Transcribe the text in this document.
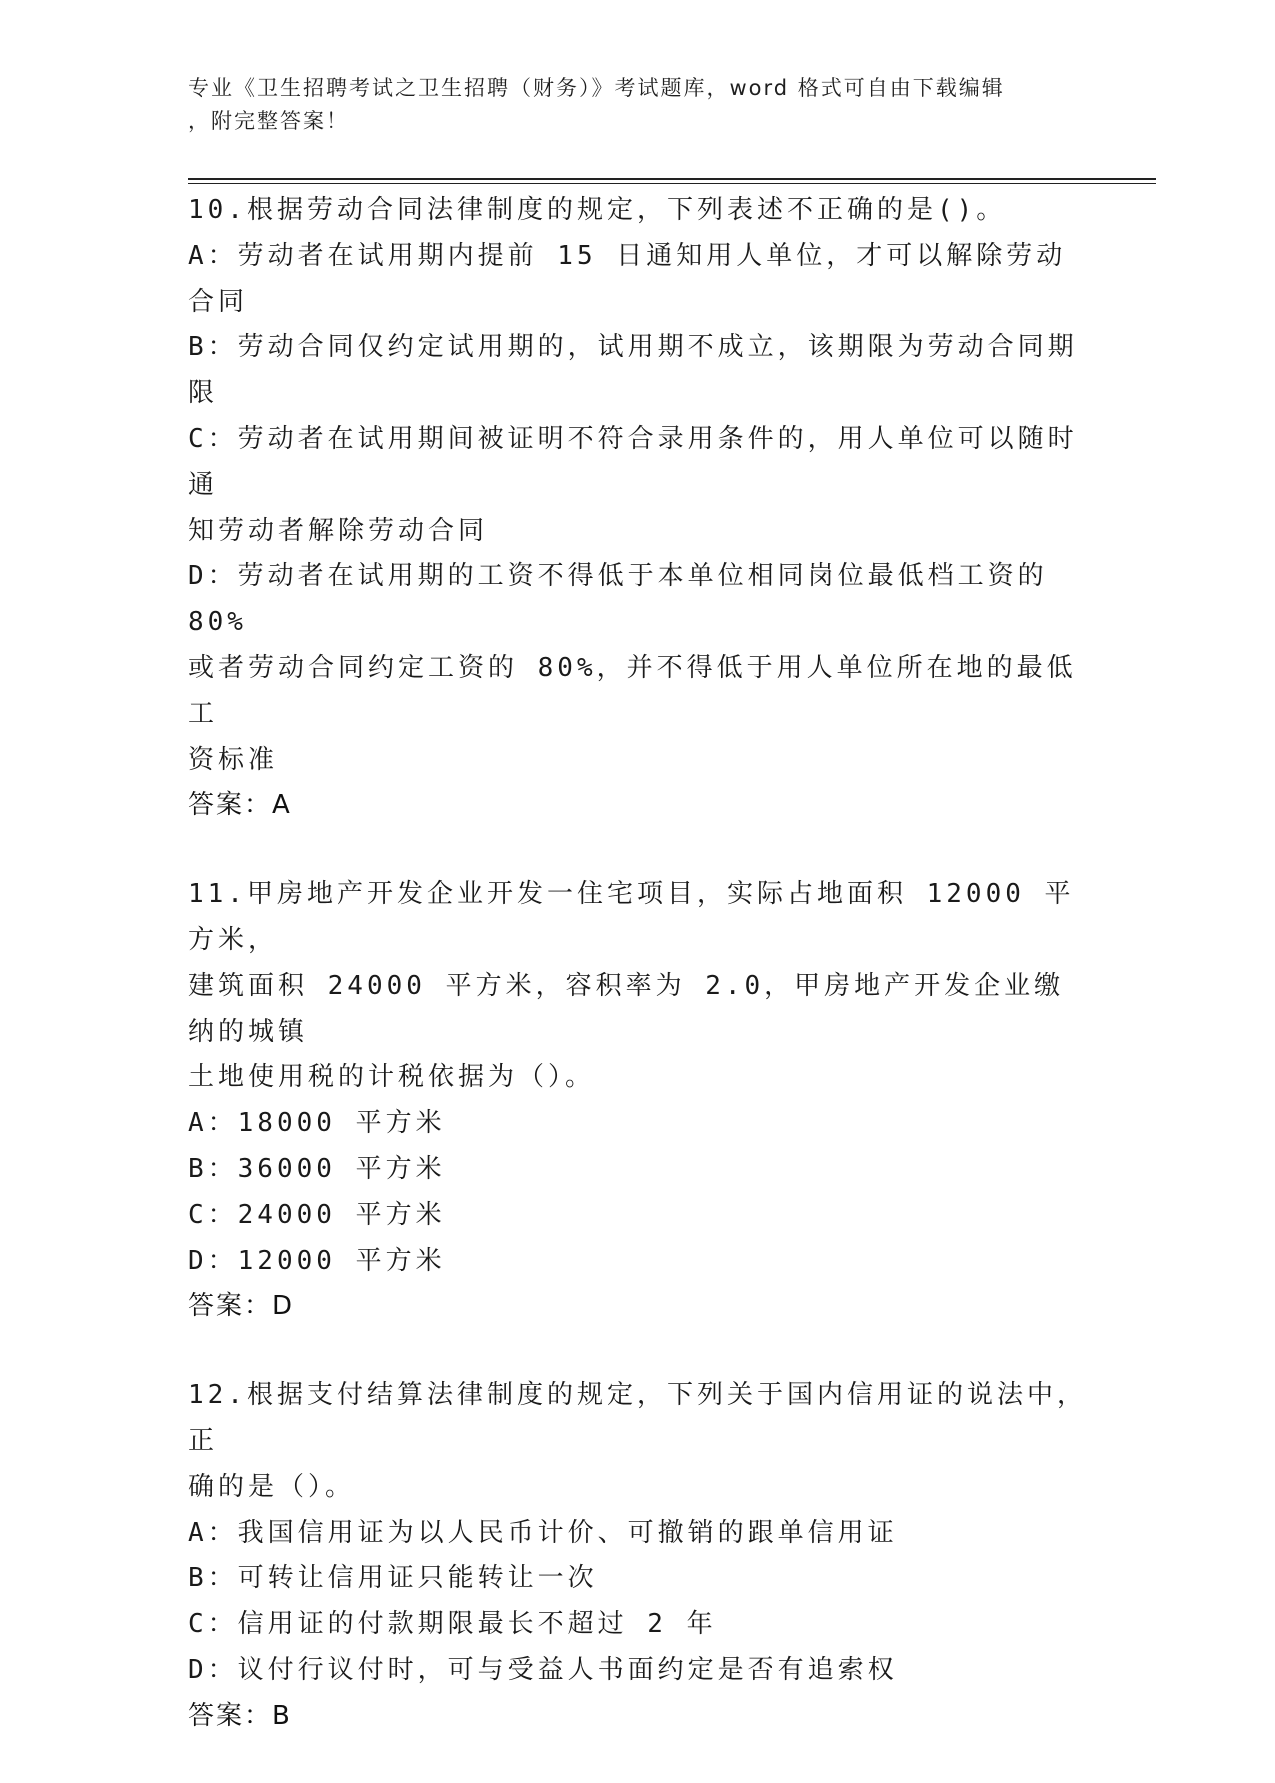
专业《卫生招聘考试之卫生招聘（财务）》考试题库，word 格式可自由下载编辑
，附完整答案！
10.根据劳动合同法律制度的规定，下列表述不正确的是()。
A：劳动者在试用期内提前 15 日通知用人单位，才可以解除劳动合同
B：劳动合同仅约定试用期的，试用期不成立，该期限为劳动合同期限
C：劳动者在试用期间被证明不符合录用条件的，用人单位可以随时通
知劳动者解除劳动合同
D：劳动者在试用期的工资不得低于本单位相同岗位最低档工资的 80%
或者劳动合同约定工资的 80%，并不得低于用人单位所在地的最低工
资标准
答案：A
11.甲房地产开发企业开发一住宅项目，实际占地面积 12000 平方米，
建筑面积 24000 平方米，容积率为 2.0，甲房地产开发企业缴纳的城镇
土地使用税的计税依据为（）。
A：18000 平方米
B：36000 平方米
C：24000 平方米
D：12000 平方米
答案：D
12.根据支付结算法律制度的规定，下列关于国内信用证的说法中，正
确的是（）。
A：我国信用证为以人民币计价、可撤销的跟单信用证
B：可转让信用证只能转让一次
C：信用证的付款期限最长不超过 2 年
D：议付行议付时，可与受益人书面约定是否有追索权
答案：B
